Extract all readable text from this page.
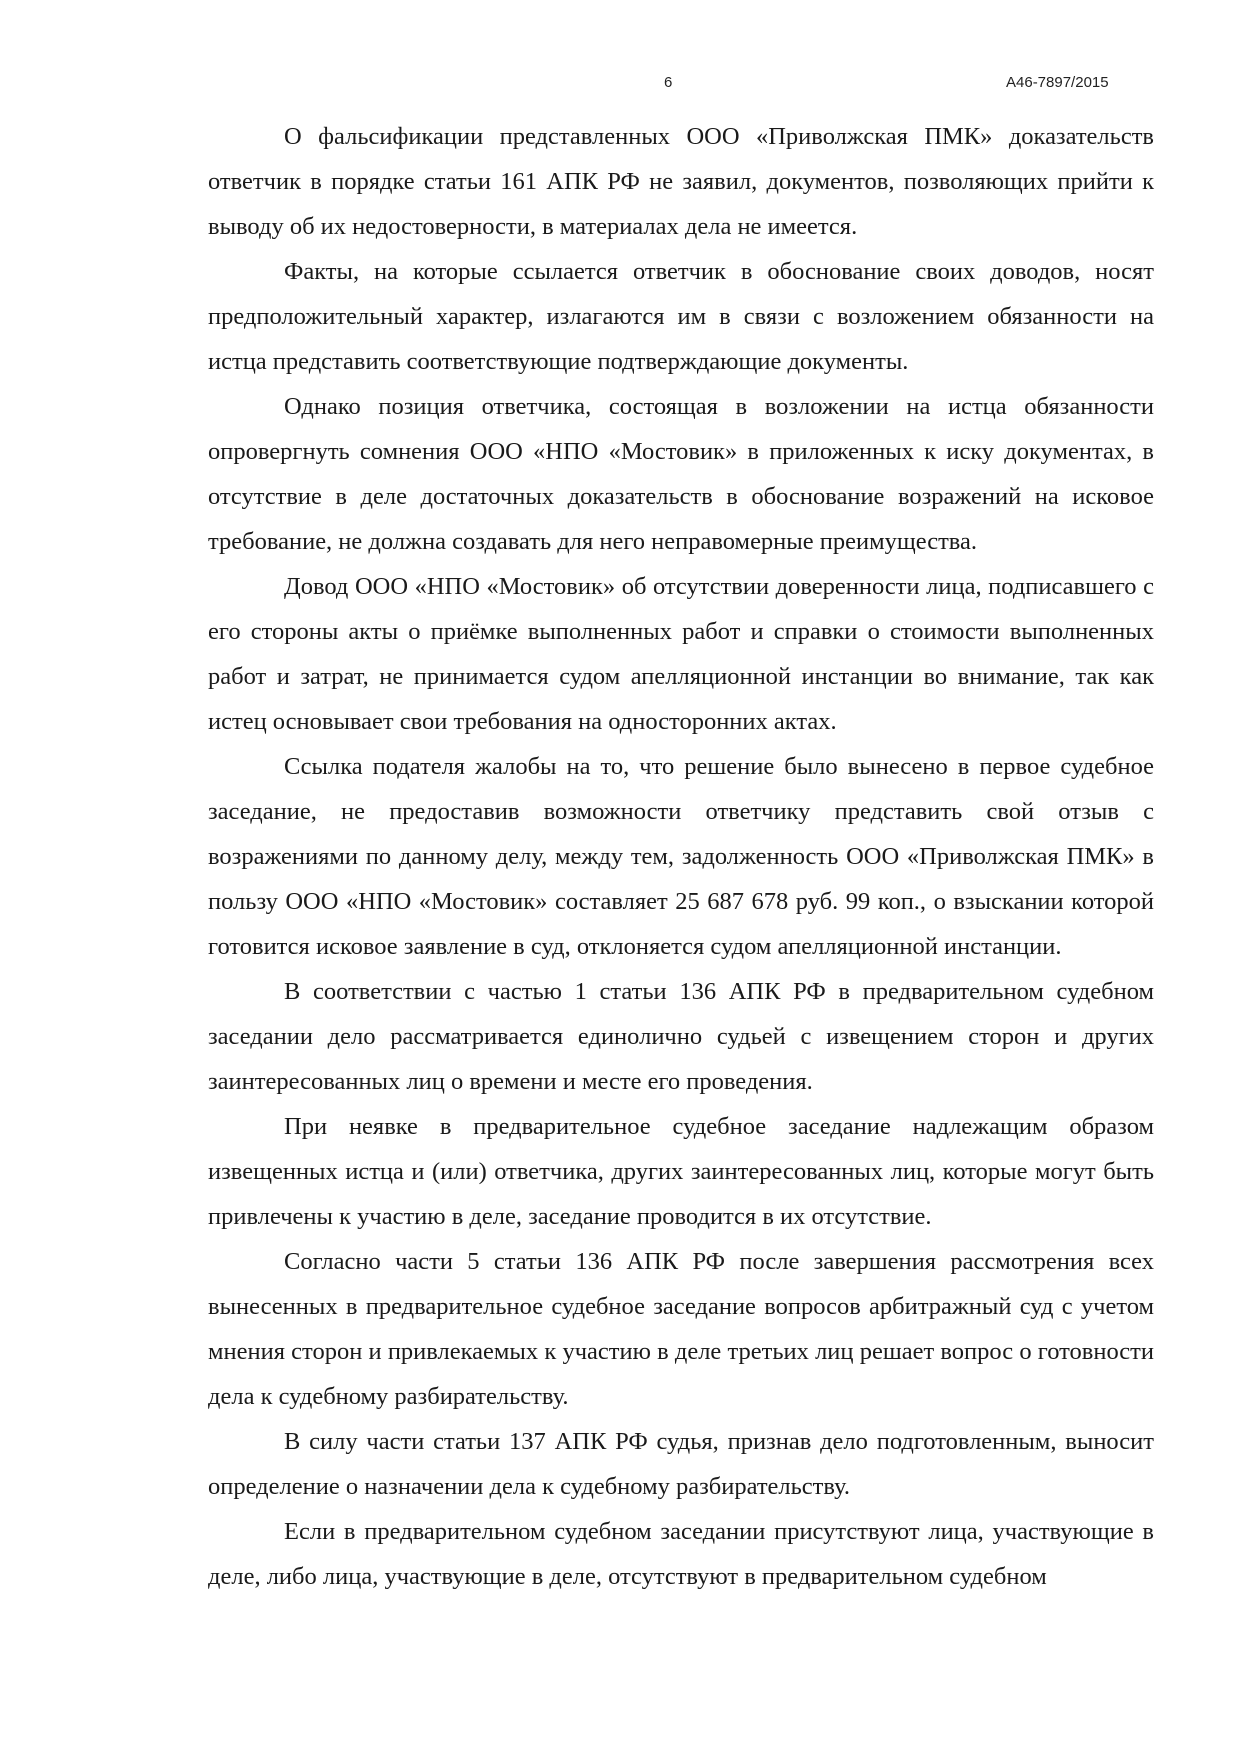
6	А46-7897/2015

О фальсификации представленных ООО «Приволжская ПМК» доказательств ответчик в порядке статьи 161 АПК РФ не заявил, документов, позволяющих прийти к выводу об их недостоверности, в материалах дела не имеется.

Факты, на которые ссылается ответчик в обоснование своих доводов, носят предположительный характер, излагаются им в связи с возложением обязанности на истца представить соответствующие подтверждающие документы.

Однако позиция ответчика, состоящая в возложении на истца обязанности опровергнуть сомнения ООО «НПО «Мостовик» в приложенных к иску документах, в отсутствие в деле достаточных доказательств в обоснование возражений на исковое требование, не должна создавать для него неправомерные преимущества.

Довод ООО «НПО «Мостовик» об отсутствии доверенности лица, подписавшего с его стороны акты о приёмке выполненных работ и справки о стоимости выполненных работ и затрат, не принимается судом апелляционной инстанции во внимание, так как истец основывает свои требования на односторонних актах.

Ссылка подателя жалобы на то, что решение было вынесено в первое судебное заседание, не предоставив возможности ответчику представить свой отзыв с возражениями по данному делу, между тем, задолженность ООО «Приволжская ПМК» в пользу ООО «НПО «Мостовик» составляет 25 687 678 руб. 99 коп., о взыскании которой готовится исковое заявление в суд, отклоняется судом апелляционной инстанции.

В соответствии с частью 1 статьи 136 АПК РФ в предварительном судебном заседании дело рассматривается единолично судьей с извещением сторон и других заинтересованных лиц о времени и месте его проведения.

При неявке в предварительное судебное заседание надлежащим образом извещенных истца и (или) ответчика, других заинтересованных лиц, которые могут быть привлечены к участию в деле, заседание проводится в их отсутствие.

Согласно части 5 статьи 136 АПК РФ после завершения рассмотрения всех вынесенных в предварительное судебное заседание вопросов арбитражный суд с учетом мнения сторон и привлекаемых к участию в деле третьих лиц решает вопрос о готовности дела к судебному разбирательству.

В силу части статьи 137 АПК РФ судья, признав дело подготовленным, выносит определение о назначении дела к судебному разбирательству.

Если в предварительном судебном заседании присутствуют лица, участвующие в деле, либо лица, участвующие в деле, отсутствуют в предварительном судебном
